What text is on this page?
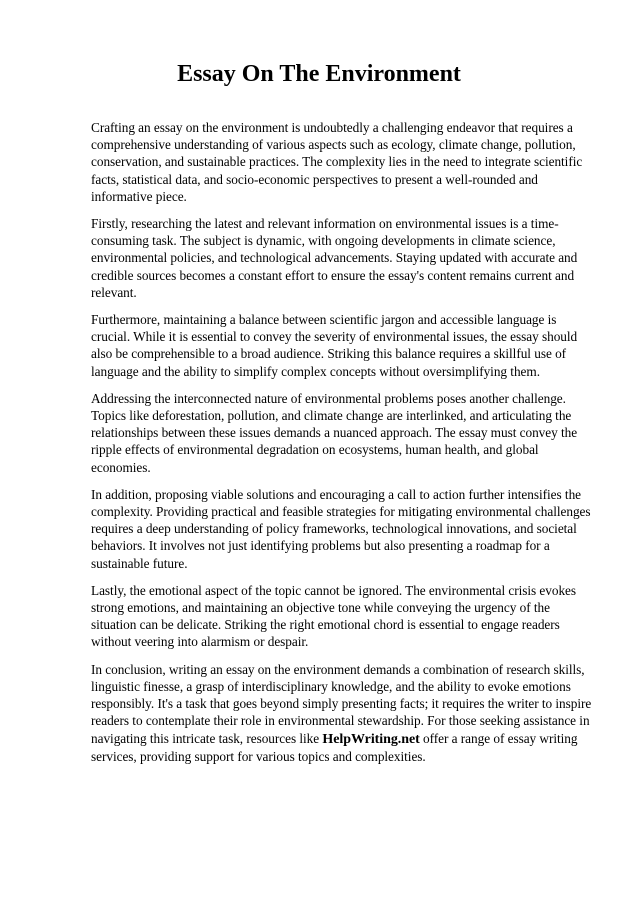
Essay On The Environment

Crafting an essay on the environment is undoubtedly a challenging endeavor that requires a comprehensive understanding of various aspects such as ecology, climate change, pollution, conservation, and sustainable practices. The complexity lies in the need to integrate scientific facts, statistical data, and socio-economic perspectives to present a well-rounded and informative piece.

Firstly, researching the latest and relevant information on environmental issues is a time-consuming task. The subject is dynamic, with ongoing developments in climate science, environmental policies, and technological advancements. Staying updated with accurate and credible sources becomes a constant effort to ensure the essay's content remains current and relevant.

Furthermore, maintaining a balance between scientific jargon and accessible language is crucial. While it is essential to convey the severity of environmental issues, the essay should also be comprehensible to a broad audience. Striking this balance requires a skillful use of language and the ability to simplify complex concepts without oversimplifying them.

Addressing the interconnected nature of environmental problems poses another challenge. Topics like deforestation, pollution, and climate change are interlinked, and articulating the relationships between these issues demands a nuanced approach. The essay must convey the ripple effects of environmental degradation on ecosystems, human health, and global economies.

In addition, proposing viable solutions and encouraging a call to action further intensifies the complexity. Providing practical and feasible strategies for mitigating environmental challenges requires a deep understanding of policy frameworks, technological innovations, and societal behaviors. It involves not just identifying problems but also presenting a roadmap for a sustainable future.

Lastly, the emotional aspect of the topic cannot be ignored. The environmental crisis evokes strong emotions, and maintaining an objective tone while conveying the urgency of the situation can be delicate. Striking the right emotional chord is essential to engage readers without veering into alarmism or despair.

In conclusion, writing an essay on the environment demands a combination of research skills, linguistic finesse, a grasp of interdisciplinary knowledge, and the ability to evoke emotions responsibly. It's a task that goes beyond simply presenting facts; it requires the writer to inspire readers to contemplate their role in environmental stewardship. For those seeking assistance in navigating this intricate task, resources like HelpWriting.net offer a range of essay writing services, providing support for various topics and complexities.
